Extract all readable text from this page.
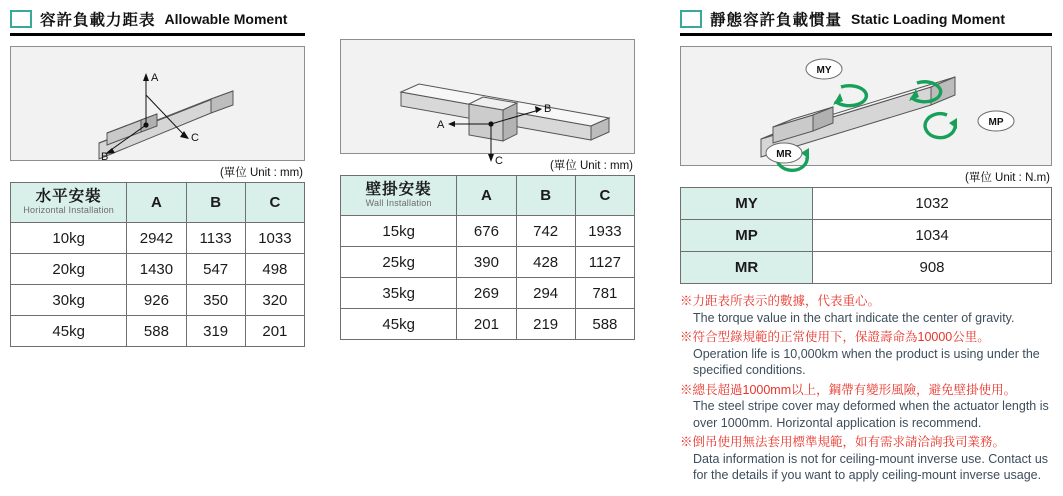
容許負載力距表 Allowable Moment
A
C
B
(單位 Unit : mm)
水平安裝
Horizontal Installation	A	B	C
10kg	2942	1133	1033
20kg	1430	547	498
30kg	926	350	320
45kg	588	319	201
A
B
C	(單位 Unit : mm)
壁掛安裝
Wall Installation	A	B	C
15kg	676	742	1933
25kg	390	428	1127
35kg	269	294	781
45kg	201	219	588
靜態容許負載慣量 Static Loading Moment
MY
MP
MR
(單位 Unit : N.m)
MY	1032
MP	1034
MR	908
※力距表所表示的數據，代表重心。
The torque value in the chart indicate the center of gravity.
※符合型錄規範的正常使用下，保證壽命為10000公里。
Operation life is 10,000km when the product is using under the specified conditions.
※總長超過1000mm以上，鋼帶有變形風險，避免壁掛使用。
The steel stripe cover may deformed when the actuator length is over 1000mm. Horizontal application is recommend.
※倒吊使用無法套用標準規範，如有需求請洽詢我司業務。
Data information is not for ceiling-mount inverse use. Contact us for the details if you want to apply ceiling-mount inverse usage.
